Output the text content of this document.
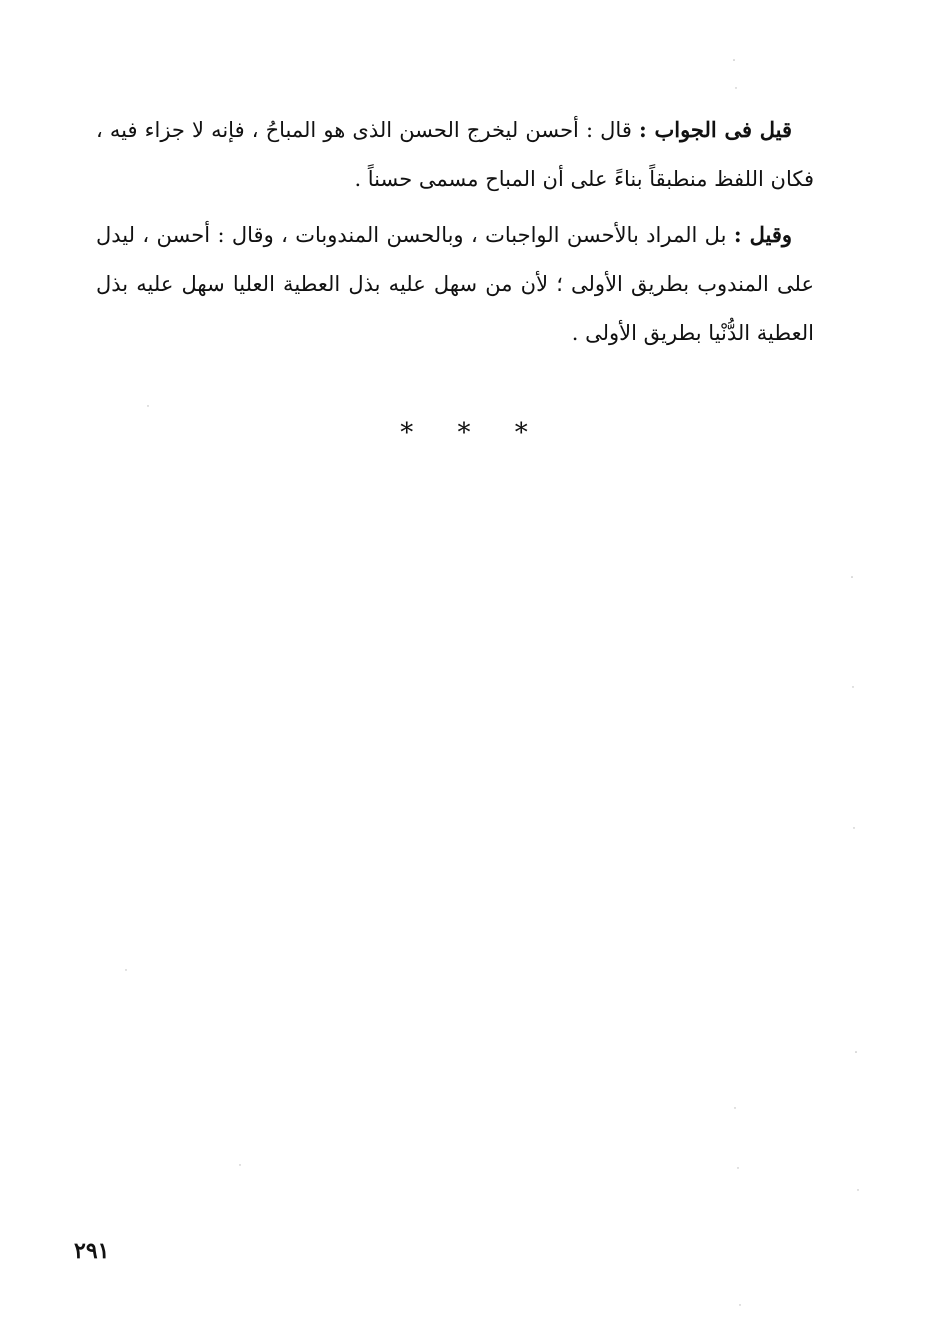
قيل فى الجواب : قال : أحسن ليخرج الحسن الذى هو المباحُ ، فإنه لا جزاء فيه ، فكان اللفظ منطبقاً بناءً على أن المباح مسمى حسناً .

وقيل : بل المراد بالأحسن الواجبات ، وبالحسن المندوبات ، وقال : أحسن ، ليدل على المندوب بطريق الأولى ؛ لأن من سهل عليه بذل العطية العليا سهل عليه بذل العطية الدُّنْيا بطريق الأولى .

* * *
٢٩١
